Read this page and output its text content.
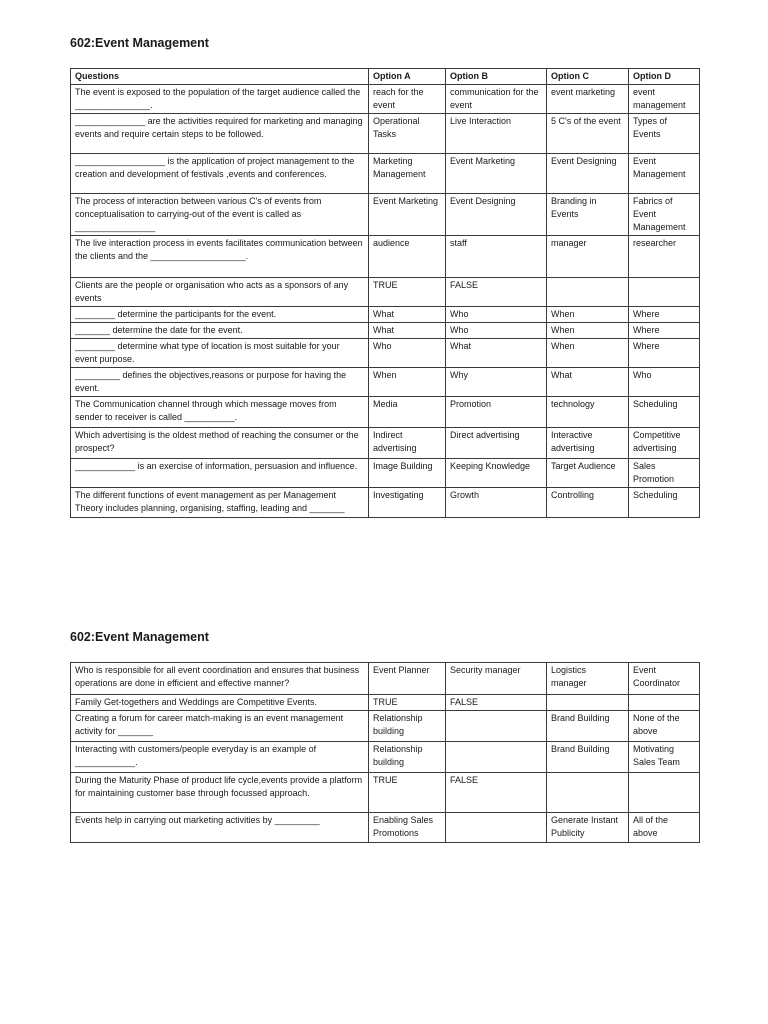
602:Event Management
Questions	Option A	Option B	Option C	Option D
The event is exposed to the population of the target audience called the _______________.	reach for the event	communication for the event	event marketing	event management
______________ are the activities required for marketing and managing events and require certain steps to be followed.	Operational Tasks	Live Interaction	5 C's of the event	Types of Events
__________________ is the application of project management to the creation and development of festivals ,events and conferences.	Marketing Management	Event Marketing	Event Designing	Event Management
The process of interaction between various C's of events from conceptualisation to carrying-out of the event is called as ________________	Event Marketing	Event Designing	Branding in Events	Fabrics of Event Management
The live interaction process in events facilitates communication between the clients and the ___________________.	audience	staff	manager	researcher
Clients are the people or organisation who acts as a sponsors of any events	TRUE	FALSE		
________ determine the participants for the event.	What	Who	When	Where
_______ determine the date for the event.	What	Who	When	Where
________ determine what type of location is most suitable for your event purpose.	Who	What	When	Where
_________ defines the objectives,reasons or purpose for having the event.	When	Why	What	Who
The Communication channel through which message moves from sender to receiver is called __________.	Media	Promotion	technology	Scheduling
Which advertising is the oldest method of reaching the consumer or the prospect?	Indirect advertising	Direct advertising	Interactive advertising	Competitive advertising
____________ is an exercise of information, persuasion and influence.	Image Building	Keeping Knowledge	Target Audience	Sales Promotion
The different functions of event management as per Management Theory includes planning, organising, staffing, leading and _______	Investigating	Growth	Controlling	Scheduling
602:Event Management
Who is responsible for all event coordination and ensures that business operations are done in efficient and effective manner?	Event Planner	Security manager	Logistics manager	Event Coordinator
Family Get-togethers and Weddings are Competitive Events.	TRUE	FALSE		
Creating a forum for career match-making is an event management activity for _______	Relationship building		Brand Building	None of the above
Interacting with customers/people everyday is an example of ____________.	Relationship building		Brand Building	Motivating Sales Team
During the Maturity Phase of product life cycle,events provide a platform for maintaining customer base through focussed approach.	TRUE	FALSE		
Events help in carrying out marketing activities by _________	Enabling Sales Promotions		Generate Instant Publicity	All of the above
